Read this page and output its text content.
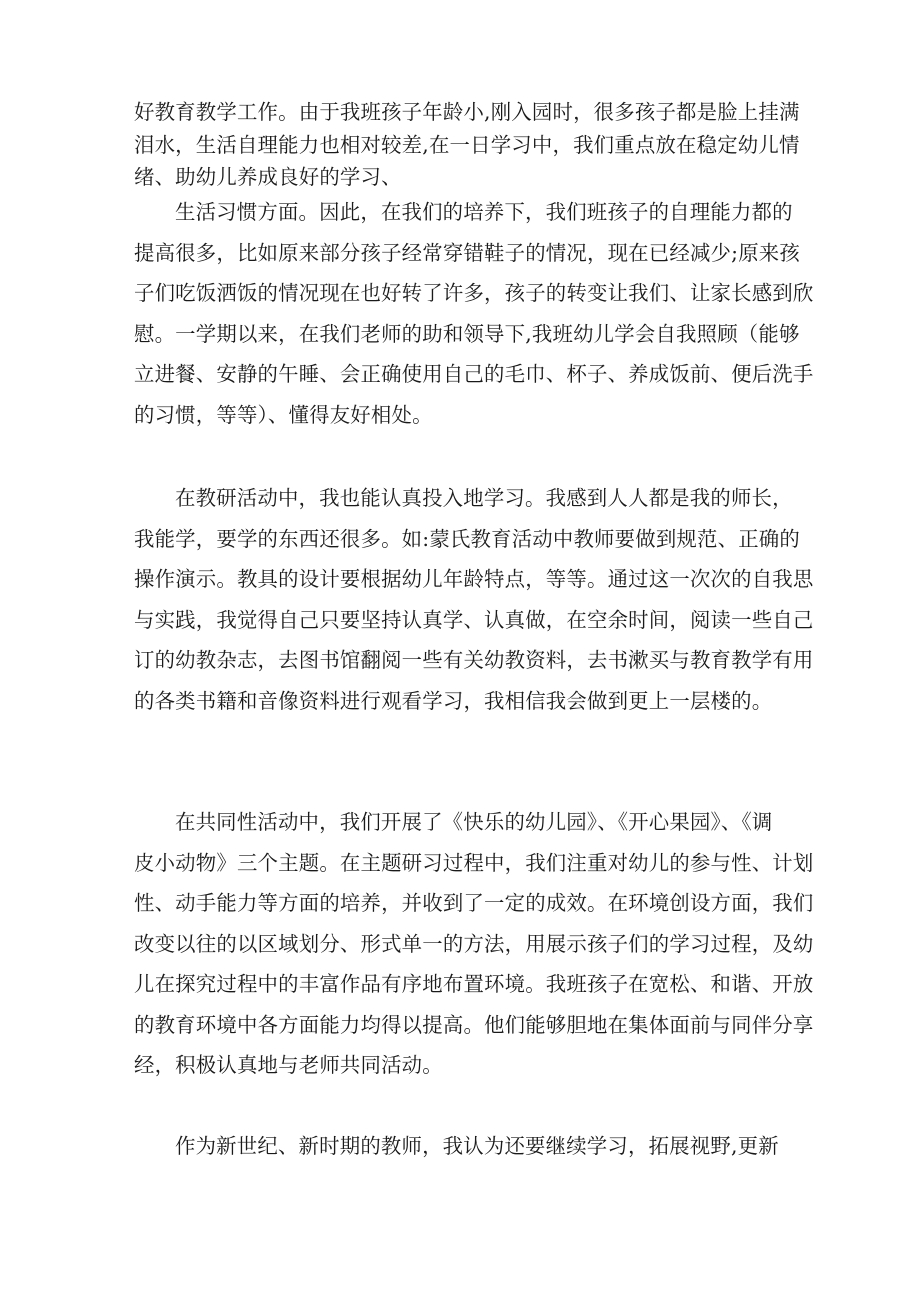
好教育教学工作。由于我班孩子年龄小,刚入园时，很多孩子都是脸上挂满
泪水，生活自理能力也相对较差,在一日学习中，我们重点放在稳定幼儿情
绪、助幼儿养成良好的学习、

生活习惯方面。因此，在我们的培养下，我们班孩子的自理能力都的
提高很多，比如原来部分孩子经常穿错鞋子的情况，现在已经减少;原来孩
子们吃饭洒饭的情况现在也好转了许多，孩子的转变让我们、让家长感到欣
慰。一学期以来，在我们老师的助和领导下,我班幼儿学会自我照顾（能够
立进餐、安静的午睡、会正确使用自己的毛巾、杯子、养成饭前、便后洗手
的习惯，等等）、懂得友好相处。

在教研活动中，我也能认真投入地学习。我感到人人都是我的师长，
我能学，要学的东西还很多。如:蒙氏教育活动中教师要做到规范、正确的
操作演示。教具的设计要根据幼儿年龄特点，等等。通过这一次次的自我思
与实践，我觉得自己只要坚持认真学、认真做，在空余时间，阅读一些自己
订的幼教杂志，去图书馆翻阅一些有关幼教资料，去书漱买与教育教学有用
的各类书籍和音像资料进行观看学习，我相信我会做到更上一层楼的。

在共同性活动中，我们开展了《快乐的幼儿园》、《开心果园》、《调
皮小动物》三个主题。在主题研习过程中，我们注重对幼儿的参与性、计划
性、动手能力等方面的培养，并收到了一定的成效。在环境创设方面，我们
改变以往的以区域划分、形式单一的方法，用展示孩子们的学习过程，及幼
儿在探究过程中的丰富作品有序地布置环境。我班孩子在宽松、和谐、开放
的教育环境中各方面能力均得以提高。他们能够胆地在集体面前与同伴分享
经，积极认真地与老师共同活动。

作为新世纪、新时期的教师，我认为还要继续学习，拓展视野,更新
